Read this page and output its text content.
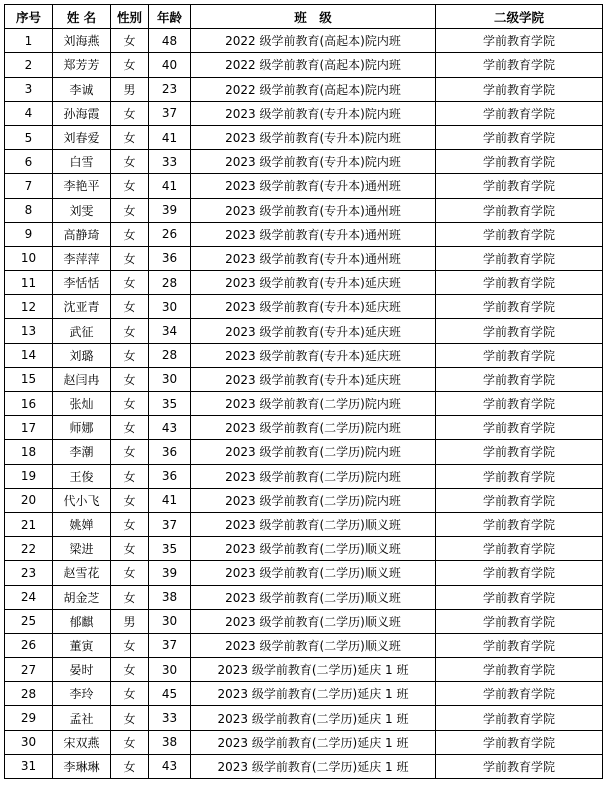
序号	姓 名	性别	年龄	班　级	二级学院
1	刘海燕	女	48	2022 级学前教育(高起本)院内班	学前教育学院
2	郑芳芳	女	40	2022 级学前教育(高起本)院内班	学前教育学院
3	李诚	男	23	2022 级学前教育(高起本)院内班	学前教育学院
4	孙海霞	女	37	2023 级学前教育(专升本)院内班	学前教育学院
5	刘春爱	女	41	2023 级学前教育(专升本)院内班	学前教育学院
6	白雪	女	33	2023 级学前教育(专升本)院内班	学前教育学院
7	李艳平	女	41	2023 级学前教育(专升本)通州班	学前教育学院
8	刘雯	女	39	2023 级学前教育(专升本)通州班	学前教育学院
9	高静琦	女	26	2023 级学前教育(专升本)通州班	学前教育学院
10	李萍萍	女	36	2023 级学前教育(专升本)通州班	学前教育学院
11	李恬恬	女	28	2023 级学前教育(专升本)延庆班	学前教育学院
12	沈亚青	女	30	2023 级学前教育(专升本)延庆班	学前教育学院
13	武征	女	34	2023 级学前教育(专升本)延庆班	学前教育学院
14	刘璐	女	28	2023 级学前教育(专升本)延庆班	学前教育学院
15	赵闫冉	女	30	2023 级学前教育(专升本)延庆班	学前教育学院
16	张灿	女	35	2023 级学前教育(二学历)院内班	学前教育学院
17	师娜	女	43	2023 级学前教育(二学历)院内班	学前教育学院
18	李潮	女	36	2023 级学前教育(二学历)院内班	学前教育学院
19	王俊	女	36	2023 级学前教育(二学历)院内班	学前教育学院
20	代小飞	女	41	2023 级学前教育(二学历)院内班	学前教育学院
21	姚婵	女	37	2023 级学前教育(二学历)顺义班	学前教育学院
22	梁进	女	35	2023 级学前教育(二学历)顺义班	学前教育学院
23	赵雪花	女	39	2023 级学前教育(二学历)顺义班	学前教育学院
24	胡金芝	女	38	2023 级学前教育(二学历)顺义班	学前教育学院
25	郁麒	男	30	2023 级学前教育(二学历)顺义班	学前教育学院
26	董寅	女	37	2023 级学前教育(二学历)顺义班	学前教育学院
27	晏时	女	30	2023 级学前教育(二学历)延庆 1 班	学前教育学院
28	李玲	女	45	2023 级学前教育(二学历)延庆 1 班	学前教育学院
29	孟社	女	33	2023 级学前教育(二学历)延庆 1 班	学前教育学院
30	宋双燕	女	38	2023 级学前教育(二学历)延庆 1 班	学前教育学院
31	李琳琳	女	43	2023 级学前教育(二学历)延庆 1 班	学前教育学院
